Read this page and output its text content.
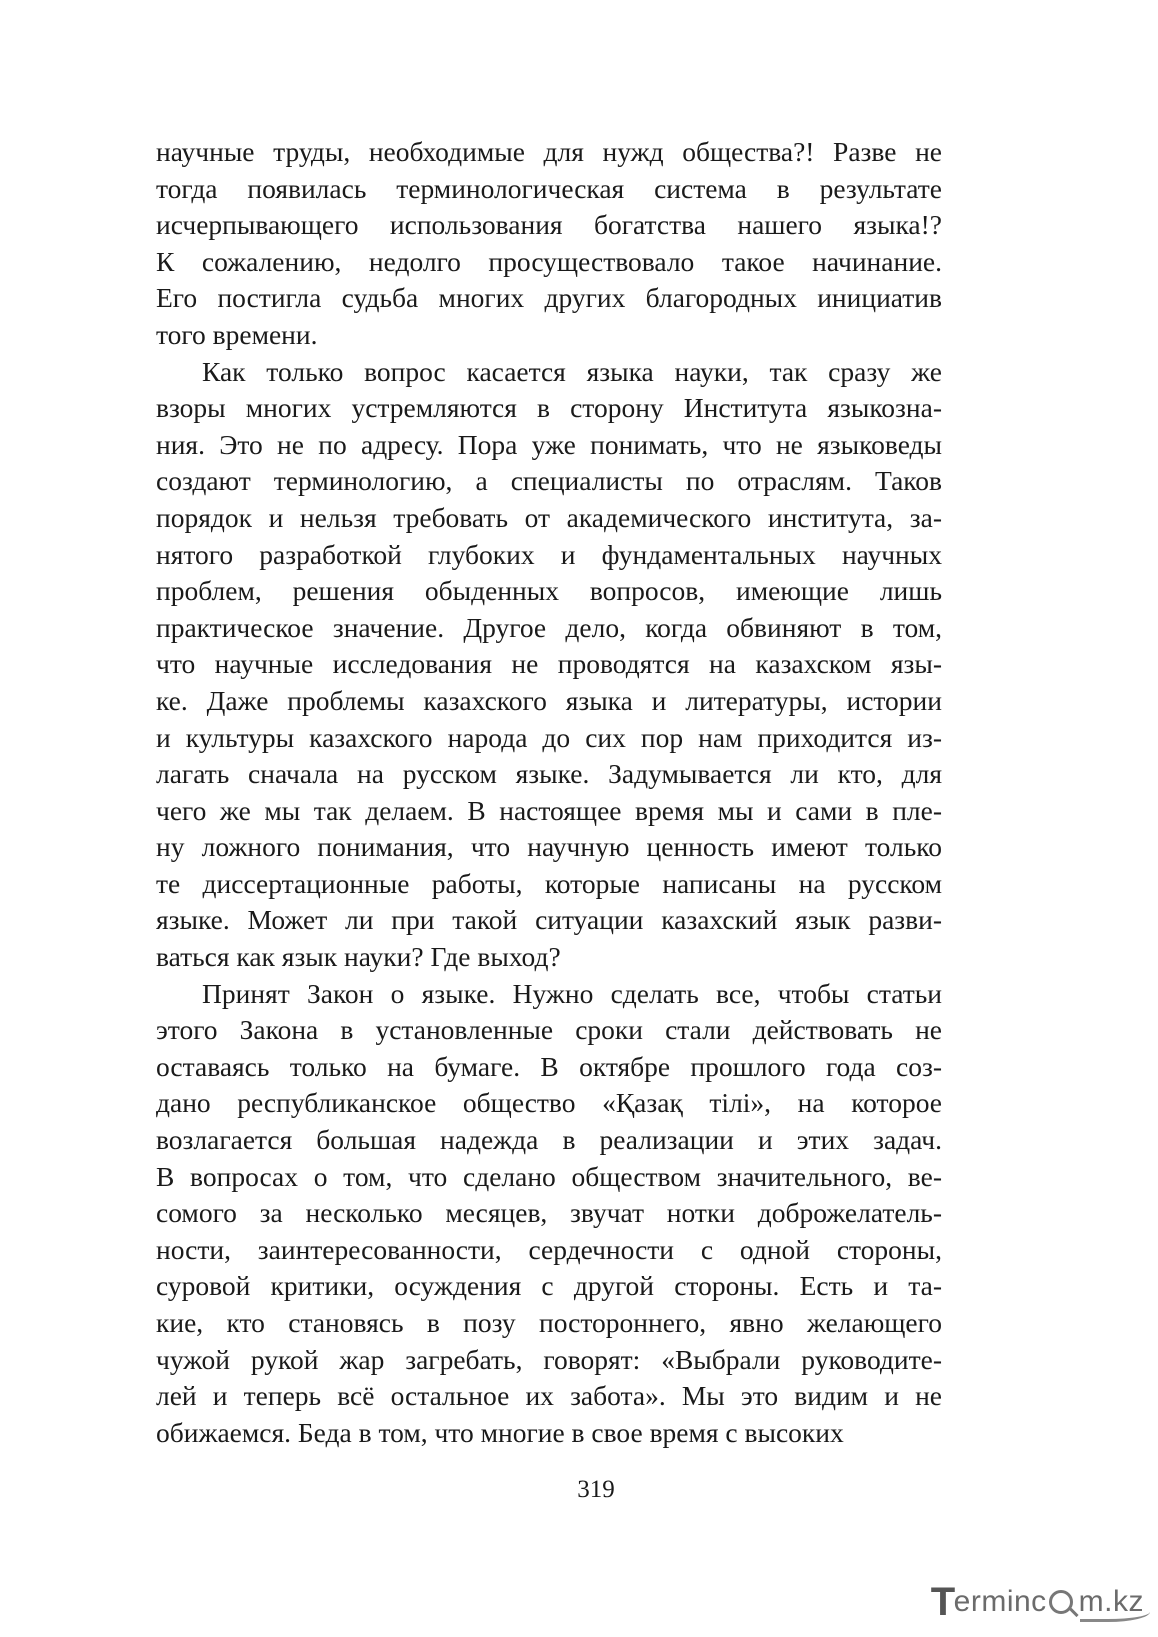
научные труды, необходимые для нужд общества?! Разве не
тогда появилась терминологическая система в результате
исчерпывающего использования богатства нашего языка!?
К сожалению, недолго просуществовало такое начинание.
Его постигла судьба многих других благородных инициатив
того времени.
Как только вопрос касается языка науки, так сразу же
взоры многих устремляются в сторону Института языкозна-
ния. Это не по адресу. Пора уже понимать, что не языковеды
создают терминологию, а специалисты по отраслям. Таков
порядок и нельзя требовать от академического института, за-
нятого разработкой глубоких и фундаментальных научных
проблем, решения обыденных вопросов, имеющие лишь
практическое значение. Другое дело, когда обвиняют в том,
что научные исследования не проводятся на казахском язы-
ке. Даже проблемы казахского языка и литературы, истории
и культуры казахского народа до сих пор нам приходится из-
лагать сначала на русском языке. Задумывается ли кто, для
чего же мы так делаем. В настоящее время мы и сами в пле-
ну ложного понимания, что научную ценность имеют только
те диссертационные работы, которые написаны на русском
языке. Может ли при такой ситуации казахский язык разви-
ваться как язык науки? Где выход?
Принят Закон о языке. Нужно сделать все, чтобы статьи
этого Закона в установленные сроки стали действовать не
оставаясь только на бумаге. В октябре прошлого года соз-
дано республиканское общество «Қазақ тілі», на которое
возлагается большая надежда в реализации и этих задач.
В вопросах о том, что сделано обществом значительного, ве-
сомого за несколько месяцев, звучат нотки доброжелатель-
ности, заинтересованности, сердечности с одной стороны,
суровой критики, осуждения с другой стороны. Есть и та-
кие, кто становясь в позу постороннего, явно желающего
чужой рукой жар загребать, говорят: «Выбрали руководите-
лей и теперь всё остальное их забота». Мы это видим и не
обижаемся. Беда в том, что многие в свое время с высоких
319
T
erminc m.kz
